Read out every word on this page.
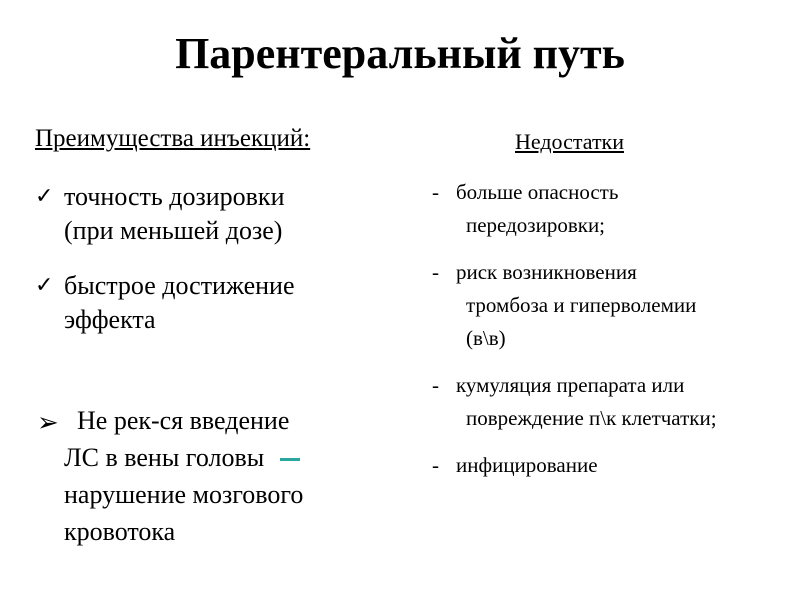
Парентеральный путь
Преимущества инъекций:
✓ точность дозировки
(при меньшей дозе)
✓ быстрое достижение
эффекта
➢ Не рек-ся введение
ЛС в вены головы
нарушение мозгового
кровотока
Недостатки
- больше опасность
передозировки;
- риск возникновения
тромбоза и гиперволемии
(в\в)
- кумуляция препарата или
повреждение п\к клетчатки;
- инфицирование
